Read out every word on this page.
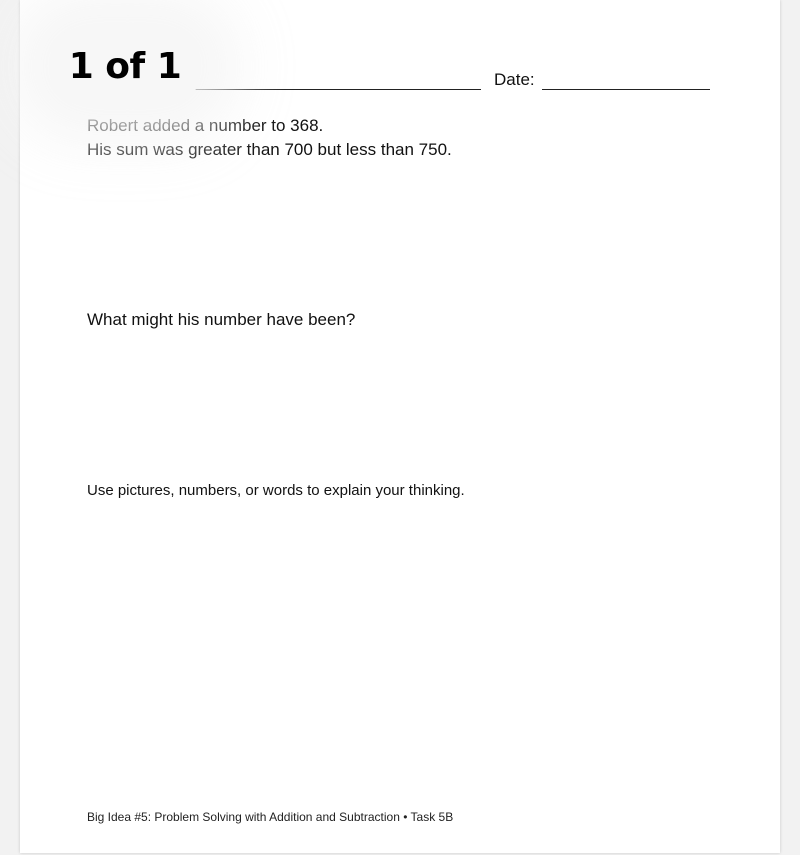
Date:
Robert added a number to 368.
His sum was greater than 700 but less than 750.
What might his number have been?
Use pictures, numbers, or words to explain your thinking.
Big Idea #5: Problem Solving with Addition and Subtraction • Task 5B
1 of 1
